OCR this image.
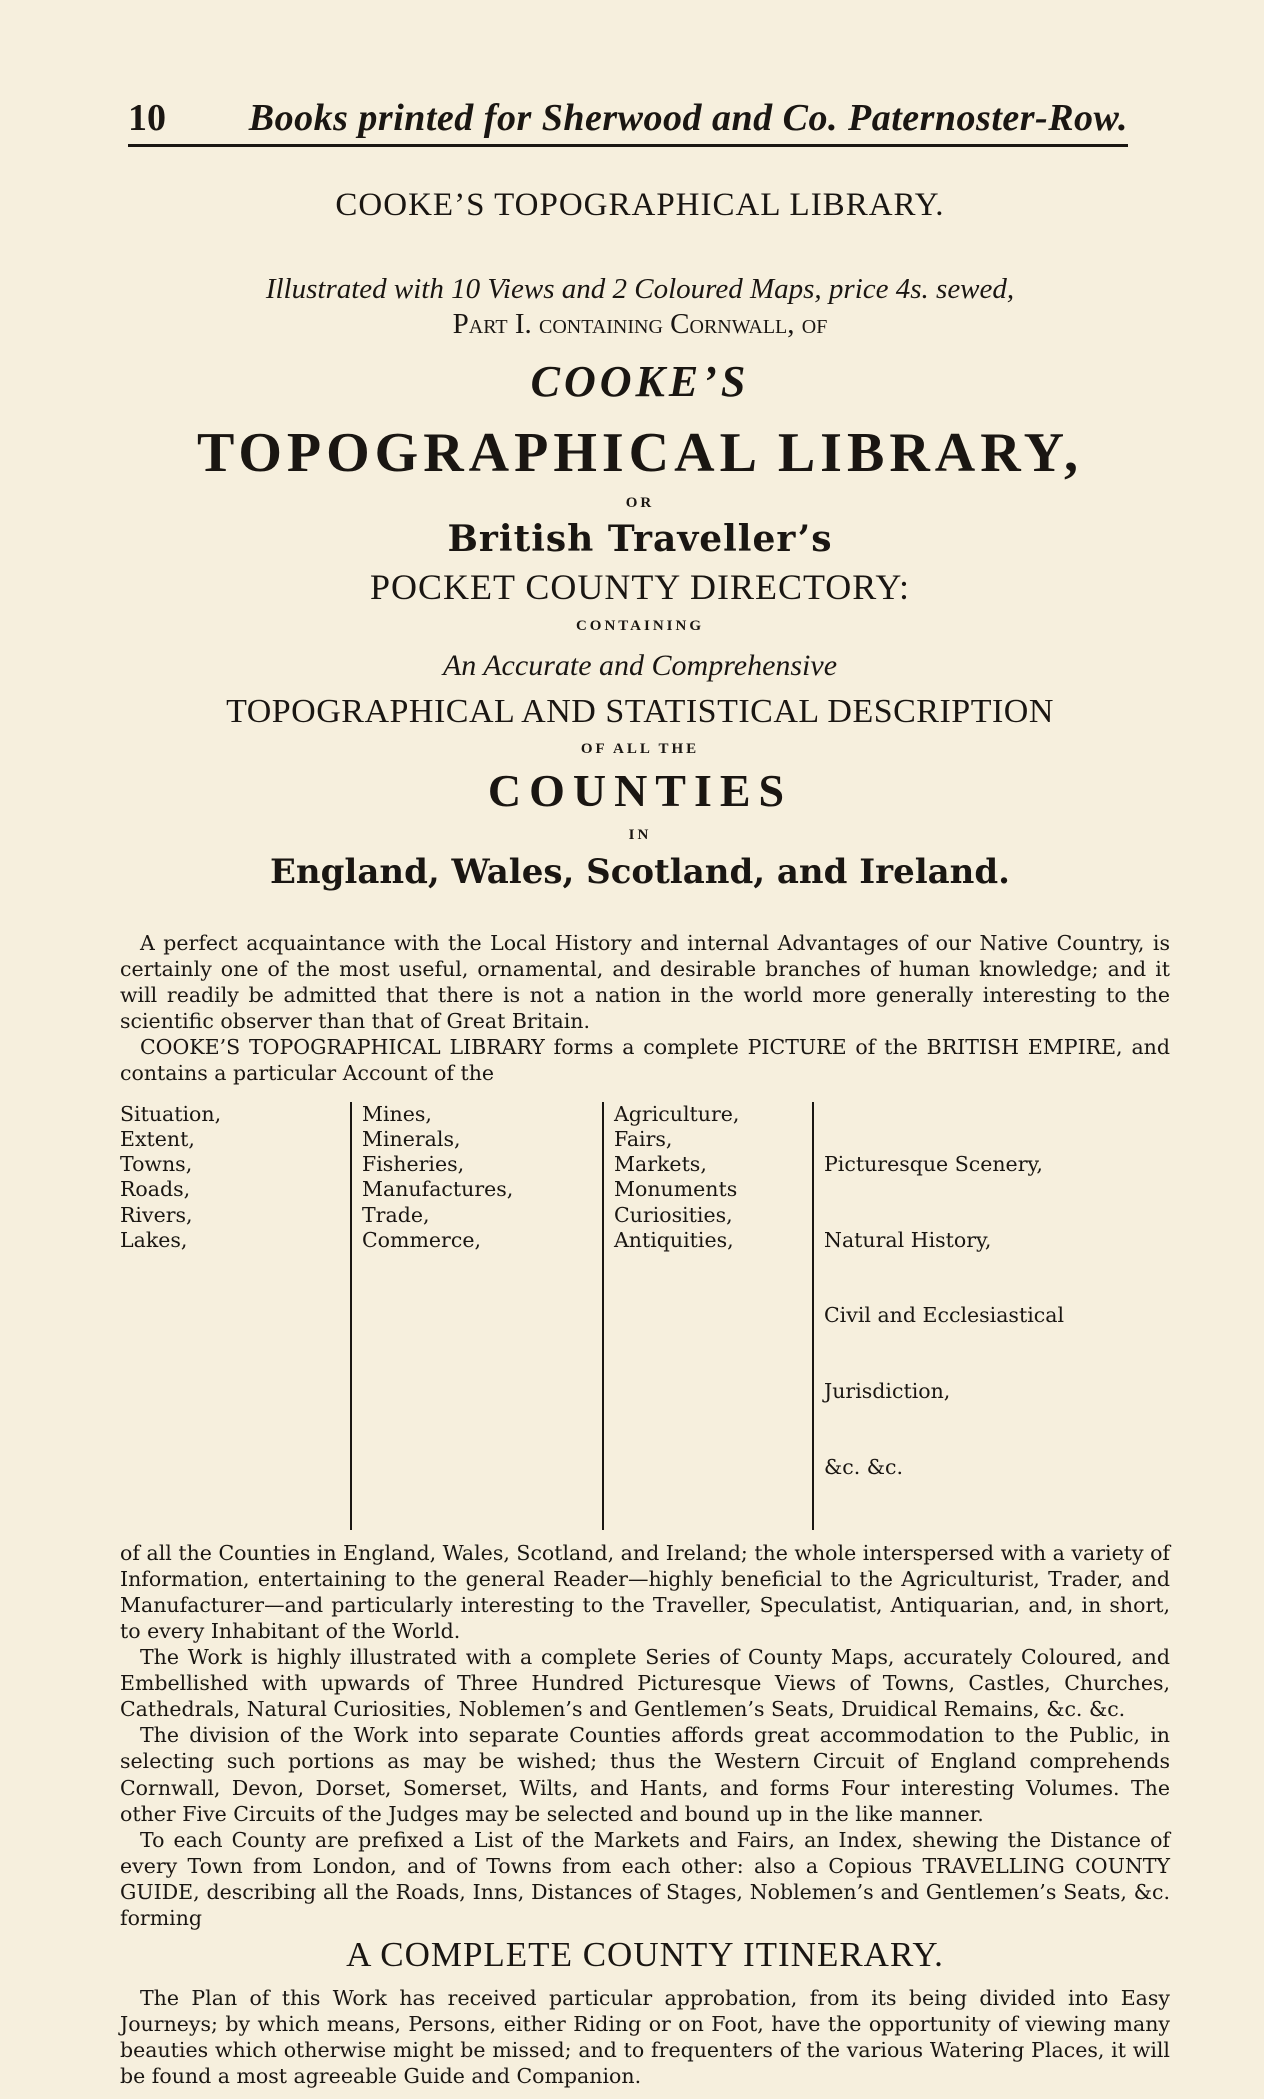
10 Books printed for Sherwood and Co. Paternoster-Row.
COOKE’S TOPOGRAPHICAL LIBRARY.
Illustrated with 10 Views and 2 Coloured Maps, price 4s. sewed,
Part I. containing Cornwall, of
COOKE’S
TOPOGRAPHICAL LIBRARY,
OR
British Traveller’s
POCKET COUNTY DIRECTORY:
CONTAINING
An Accurate and Comprehensive
TOPOGRAPHICAL AND STATISTICAL DESCRIPTION
OF ALL THE
COUNTIES
IN
England, Wales, Scotland, and Ireland.

A perfect acquaintance with the Local History and internal Advantages of our Native Country, is certainly one of the most useful, ornamental, and desirable branches of human knowledge; and it will readily be admitted that there is not a nation in the world more generally interesting to the scientific observer than that of Great Britain.

COOKE’S TOPOGRAPHICAL LIBRARY forms a complete PICTURE of the BRITISH EMPIRE, and contains a particular Account of the

Situation,
Extent,
Towns,
Roads,
Rivers,
Lakes,
Mines,
Minerals,
Fisheries,
Manufactures,
Trade,
Commerce,
Agriculture,
Fairs,
Markets,
Monuments
Curiosities,
Antiquities,

Picturesque Scenery,

Natural History,

Civil and Ecclesiastical

Jurisdiction,

&c. &c.

of all the Counties in England, Wales, Scotland, and Ireland; the whole interspersed with a variety of Information, entertaining to the general Reader—highly beneficial to the Agriculturist, Trader, and Manufacturer—and particularly interesting to the Traveller, Speculatist, Antiquarian, and, in short, to every Inhabitant of the World.

The Work is highly illustrated with a complete Series of County Maps, accurately Coloured, and Embellished with upwards of Three Hundred Picturesque Views of Towns, Castles, Churches, Cathedrals, Natural Curiosities, Noblemen’s and Gentlemen’s Seats, Druidical Remains, &c. &c.

The division of the Work into separate Counties affords great accommodation to the Public, in selecting such portions as may be wished; thus the Western Circuit of England comprehends Cornwall, Devon, Dorset, Somerset, Wilts, and Hants, and forms Four interesting Volumes. The other Five Circuits of the Judges may be selected and bound up in the like manner.

To each County are prefixed a List of the Markets and Fairs, an Index, shewing the Distance of every Town from London, and of Towns from each other: also a Copious TRAVELLING COUNTY GUIDE, describing all the Roads, Inns, Distances of Stages, Noblemen’s and Gentlemen’s Seats, &c. forming

A COMPLETE COUNTY ITINERARY.

The Plan of this Work has received particular approbation, from its being divided into Easy Journeys; by which means, Persons, either Riding or on Foot, have the opportunity of viewing many beauties which otherwise might be missed; and to frequenters of the various Watering Places, it will be found a most agreeable Guide and Companion.
